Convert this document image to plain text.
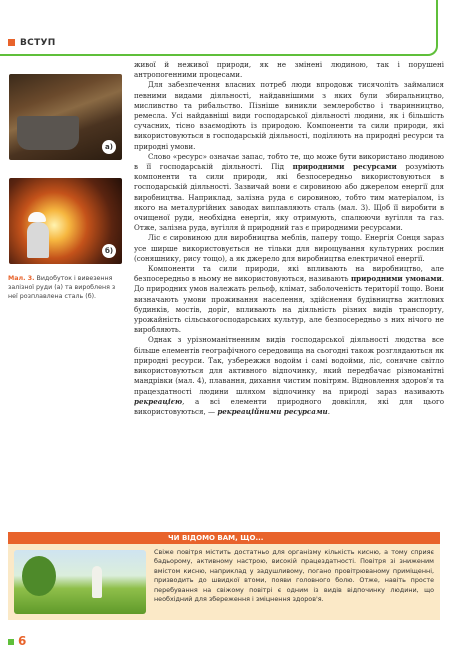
ВСТУП
а)
б)
Мал. 3. Видобуток і вивезення залізної руди (а) та виробленя з неї розплавлена сталь (б).

живої й неживої природи, як не змінені людиною, так і порушені антропогенними процесами.

Для забезпечення власних потреб люди впродовж тисячоліть займалися певними видами діяльності, найдавнішими з яких були збиральництво, мисливство та рибальство. Пізніше виникли землеробство і тваринництво, ремесла. Усі найдавніші види господарської діяльності людини, як і більшість сучасних, тісно взаємодіють із природою. Компоненти та сили природи, які використовуються в господарській діяльності, поділяють на природні ресурси та природні умови.

Слово «ресурс» означає запас, тобто те, що може бути використано людиною в її господарській діяльності. Під природними ресурсами розуміють компоненти та сили природи, які безпосередньо використовуються в господарській діяльності. Зазвичай вони є сировиною або джерелом енергії для виробництва. Наприклад, залізна руда є сировиною, тобто тим матеріалом, із якого на металургійних заводах виплавляють сталь (мал. 3). Щоб її виробити в очищеної руди, необхідна енергія, яку отримують, спалюючи вугілля та газ. Отже, залізна руда, вугілля й природний газ є природними ресурсами.

Ліс є сировиною для виробництва меблів, паперу тощо. Енергія Сонця зараз усе ширше використовується не тільки для вирощування культурних рослин (соняшнику, рису тощо), а як джерело для виробництва електричної енергії.

Компоненти та сили природи, які впливають на виробництво, але безпосередньо в ньому не використовуються, називають природними умовами. До природних умов належать рельєф, клімат, заболоченість території тощо. Вони визначають умови проживання населення, здійснення будівництва житлових будинків, мостів, доріг, впливають на діяльність різних видів транспорту, урожайність сільськогосподарських культур, але безпосередньо з них нічого не виробляють.

Однак з урізноманітненням видів господарської діяльності людства все більше елементів географічного середовища на сьогодні також розглядаються як природні ресурси. Так, узбережжя водойм і самі водойми, ліс, сонячне світло використовуються для активного відпочинку, який передбачає різноманітні мандрівки (мал. 4), плавання, дихання чистим повітрям. Відновлення здоров'я та працездатності людини шляхом відпочинку на природі зараз називають рекреацією, а всі елементи природного довкілля, які для цього використовуються, — рекреаційними ресурсами.

ЧИ ВІДОМО ВАМ, ЩО...
Свіже повітря містить достатньо для організму кількість кисню, а тому сприяє бадьорому, активному настрою, високій працездатності. Повітря зі зниженим вмістом кисню, наприклад у задушливому, погано провітрюваному приміщенні, призводить до швидкої втоми, появи головного болю. Отже, навіть просте перебування на свіжому повітрі є одним із видів відпочинку людини, що необхідний для збереження і зміцнення здоров'я.
6
